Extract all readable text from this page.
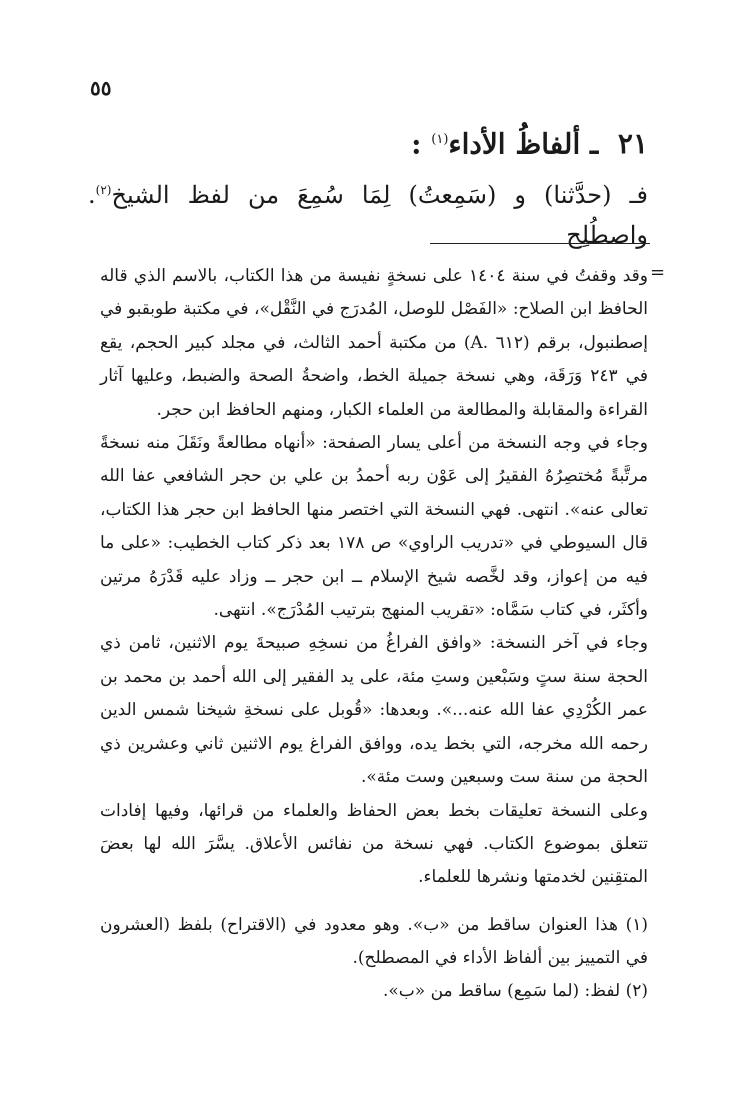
٥٥
٢١ ـ ألفاظُ الأداء$^{(١)}$ :
فـ (حدَّثنا) و (سَمِعتُ) لِمَا سُمِعَ من لفظ الشيخ$^{(٢)}$. واصطُلِح
=

وقد وقفتُ في سنة ١٤٠٤ على نسخةٍ نفيسة من هذا الكتاب، بالاسم الذي قاله الحافظ ابن الصلاح: «الفَصْل للوصل، المُدرَج في النَّقْل»، في مكتبة طوبقبو في إصطنبول، برقم (٦١٢ .A) من مكتبة أحمد الثالث، في مجلد كبير الحجم، يقع في ٢٤٣ وَرَقَة، وهي نسخة جميلة الخط، واضحةُ الصحة والضبط، وعليها آثار القراءة والمقابلة والمطالعة من العلماء الكبار، ومنهم الحافظ ابن حجر.

وجاء في وجه النسخة من أعلى يسار الصفحة: «أنهاه مطالعةً ونَقَلَ منه نسخةً مرتَّبةً مُختصِرُهُ الفقيرُ إلى عَوْن ربه أحمدُ بن علي بن حجر الشافعي عفا الله تعالى عنه». انتهى. فهي النسخة التي اختصر منها الحافظ ابن حجر هذا الكتاب، قال السيوطي في «تدريب الراوي» ص ١٧٨ بعد ذكر كتاب الخطيب: «على ما فيه من إعواز، وقد لخَّصه شيخ الإسلام ــ ابن حجر ــ وزاد عليه قَدْرَهُ مرتين وأكثَر، في كتاب سَمَّاه: «تقريب المنهج بترتيب المُدْرَج». انتهى.

وجاء في آخر النسخة: «وافق الفراغُ من نسخِهِ صبيحةَ يوم الاثنين، ثامن ذي الحجة سنة ستٍ وسَبْعين وستِ مئة، على يد الفقير إلى الله أحمد بن محمد بن عمر الكُرْدِي عفا الله عنه...». وبعدها: «قُوبل على نسخةِ شيخنا شمس الدين رحمه الله مخرجه، التي بخط يده، ووافق الفراغ يوم الاثنين ثاني وعشرين ذي الحجة من سنة ست وسبعين وست مئة».

وعلى النسخة تعليقات بخط بعض الحفاظ والعلماء من قرائها، وفيها إفادات تتعلق بموضوع الكتاب. فهي نسخة من نفائس الأعلاق. يسَّرَ الله لها بعضَ المتقِنين لخدمتها ونشرها للعلماء.

(١) هذا العنوان ساقط من «ب». وهو معدود في (الاقتراح) بلفظ (العشرون في التمييز بين ألفاظ الأداء في المصطلح).

(٢) لفظ: (لما سَمِع) ساقط من «ب».
